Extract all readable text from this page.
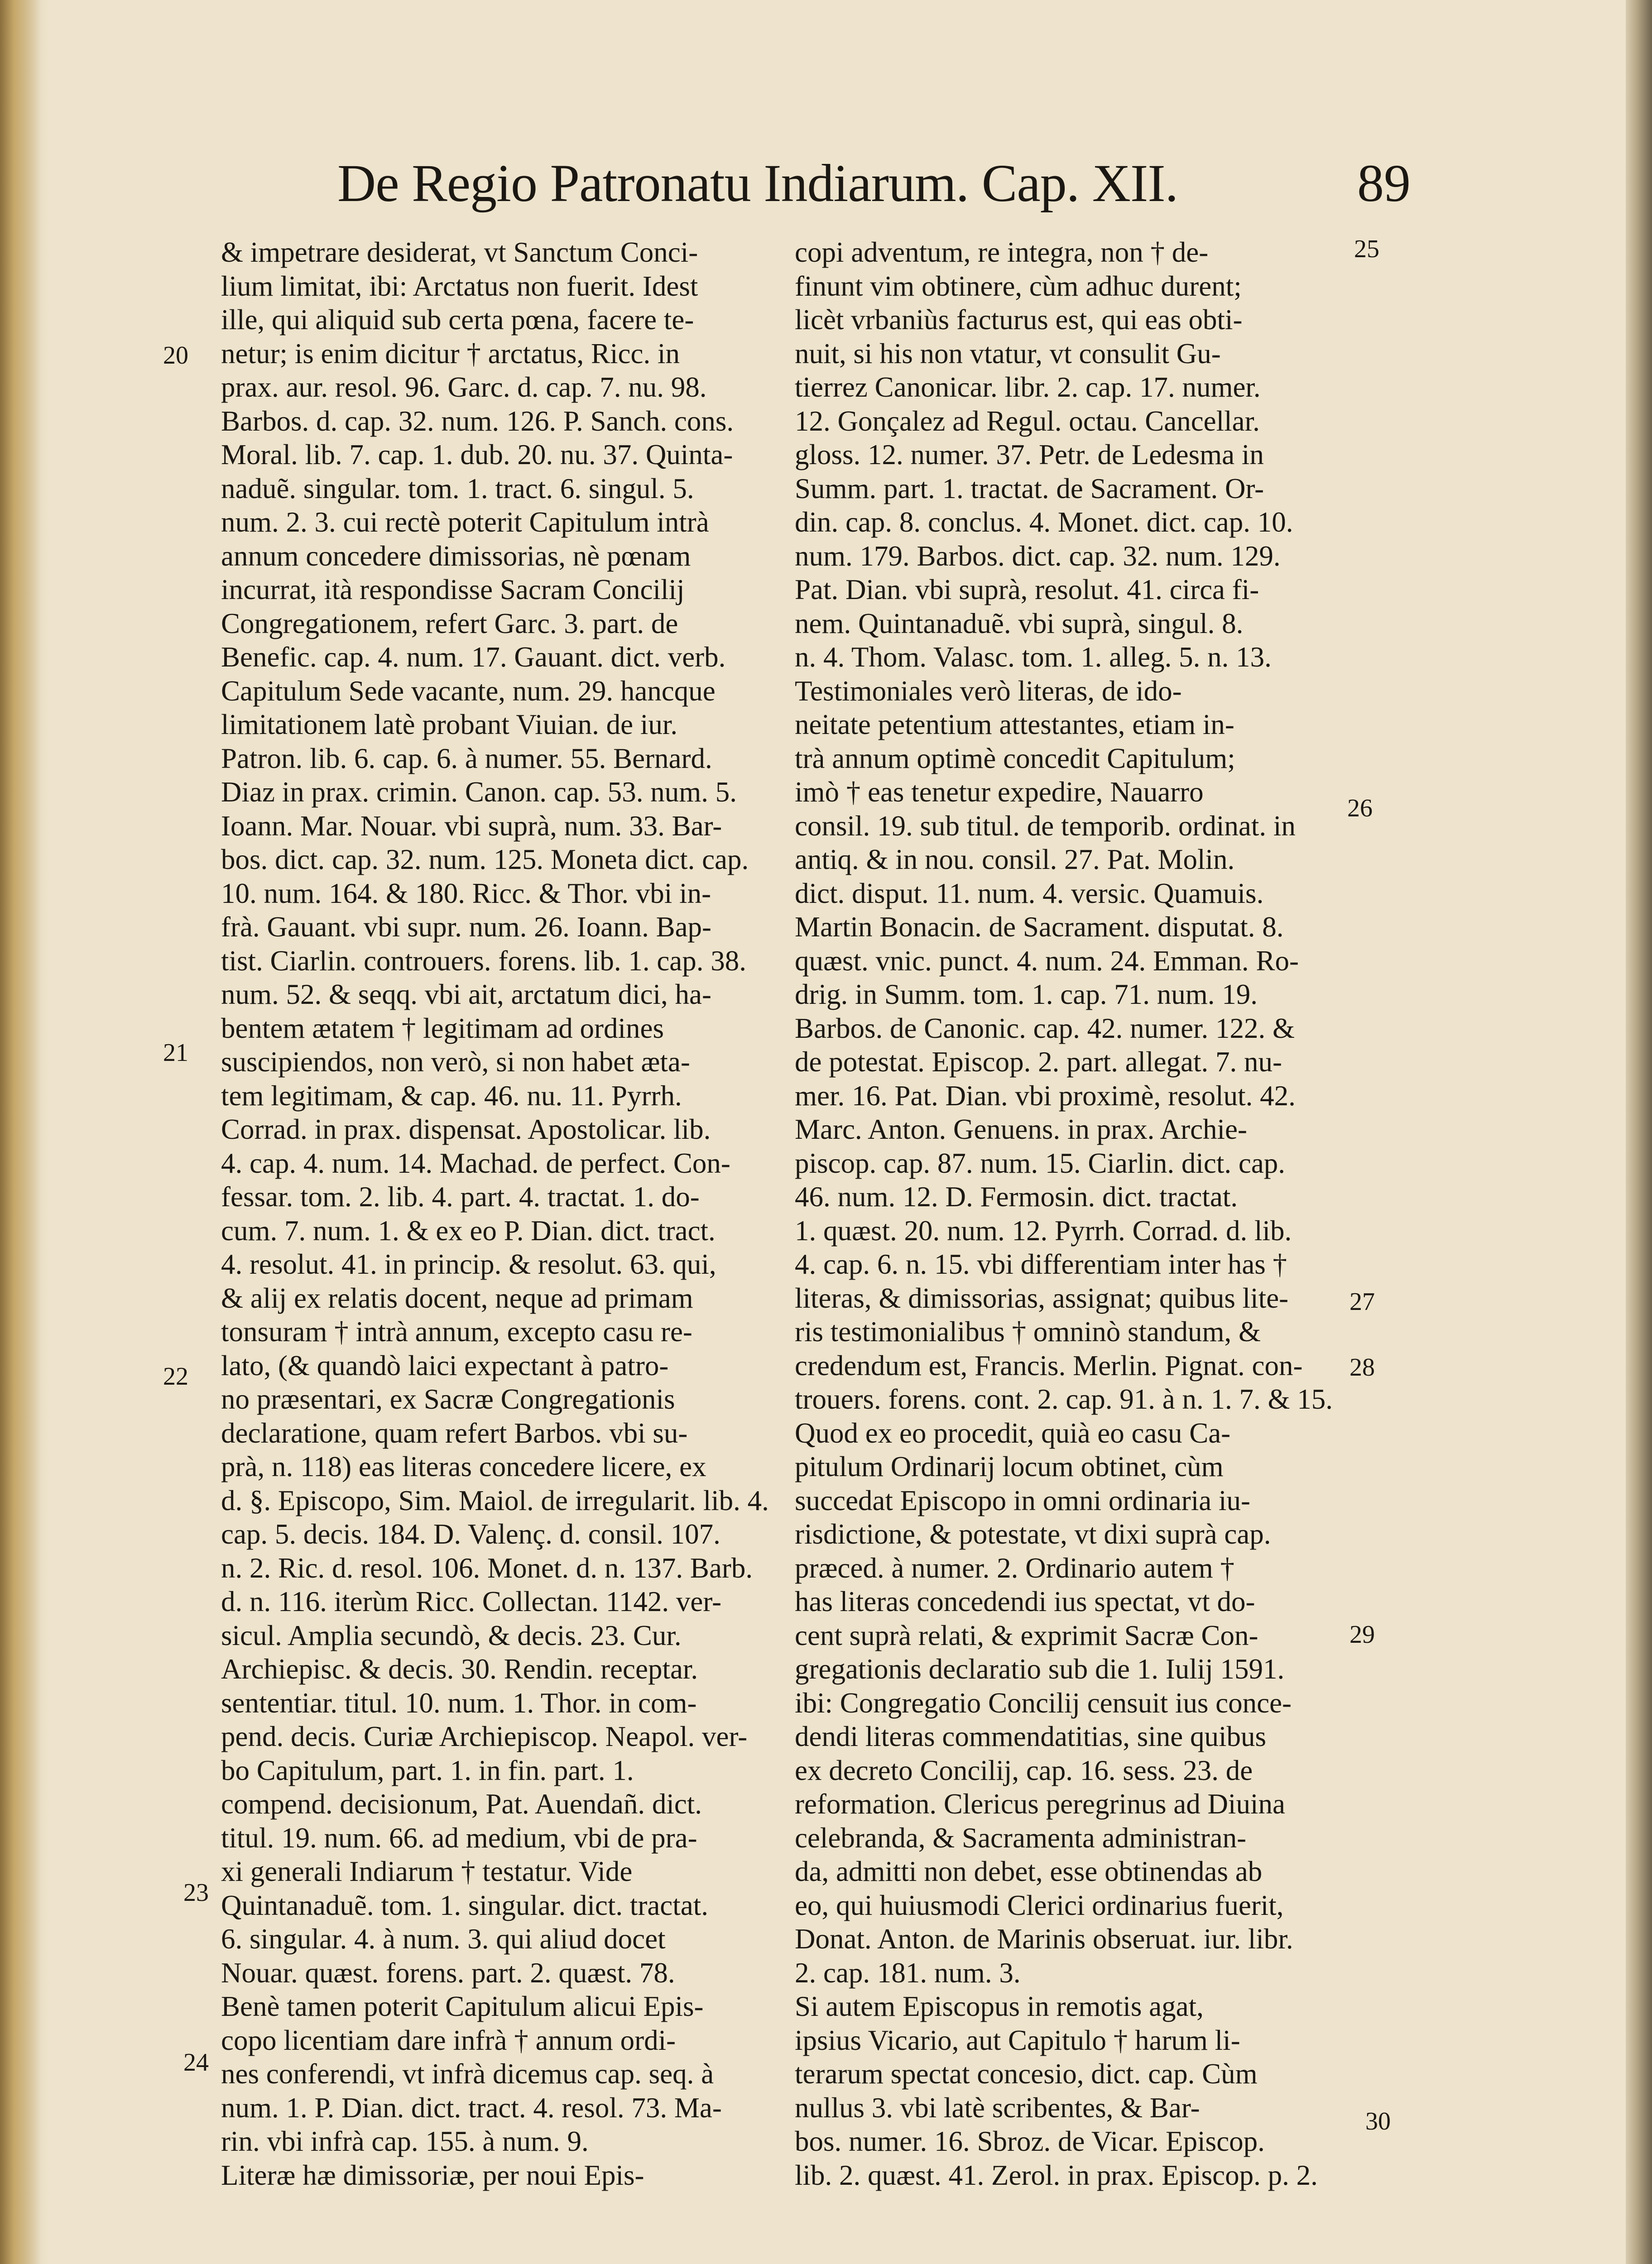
De Regio Patronatu Indiarum. Cap. XII.	89
& impetrare desiderat, vt Sanctum Conci-
lium limitat, ibi: Arctatus non fuerit. Idest
ille, qui aliquid sub certa pœna, facere te-
netur; is enim dicitur † arctatus, Ricc. in
prax. aur. resol. 96. Garc. d. cap. 7. nu. 98.
Barbos. d. cap. 32. num. 126. P. Sanch. cons.
Moral. lib. 7. cap. 1. dub. 20. nu. 37. Quinta-
naduẽ. singular. tom. 1. tract. 6. singul. 5.
num. 2. 3. cui rectè poterit Capitulum intrà
annum concedere dimissorias, nè pœnam
incurrat, ità respondisse Sacram Concilij
Congregationem, refert Garc. 3. part. de
Benefic. cap. 4. num. 17. Gauant. dict. verb.
Capitulum Sede vacante, num. 29. hancque
limitationem latè probant Viuian. de iur.
Patron. lib. 6. cap. 6. à numer. 55. Bernard.
Diaz in prax. crimin. Canon. cap. 53. num. 5.
Ioann. Mar. Nouar. vbi suprà, num. 33. Bar-
bos. dict. cap. 32. num. 125. Moneta dict. cap.
10. num. 164. & 180. Ricc. & Thor. vbi in-
frà. Gauant. vbi supr. num. 26. Ioann. Bap-
tist. Ciarlin. controuers. forens. lib. 1. cap. 38.
num. 52. & seqq. vbi ait, arctatum dici, ha-
bentem ætatem † legitimam ad ordines
suscipiendos, non verò, si non habet æta-
tem legitimam, & cap. 46. nu. 11. Pyrrh.
Corrad. in prax. dispensat. Apostolicar. lib.
4. cap. 4. num. 14. Machad. de perfect. Con-
fessar. tom. 2. lib. 4. part. 4. tractat. 1. do-
cum. 7. num. 1. & ex eo P. Dian. dict. tract.
4. resolut. 41. in princip. & resolut. 63. qui,
& alij ex relatis docent, neque ad primam
tonsuram † intrà annum, excepto casu re-
lato, (& quandò laici expectant à patro-
no præsentari, ex Sacræ Congregationis
declaratione, quam refert Barbos. vbi su-
prà, n. 118) eas literas concedere licere, ex
d. §. Episcopo, Sim. Maiol. de irregularit. lib. 4.
cap. 5. decis. 184. D. Valenç. d. consil. 107.
n. 2. Ric. d. resol. 106. Monet. d. n. 137. Barb.
d. n. 116. iterùm Ricc. Collectan. 1142. ver-
sicul. Amplia secundò, & decis. 23. Cur.
Archiepisc. & decis. 30. Rendin. receptar.
sententiar. titul. 10. num. 1. Thor. in com-
pend. decis. Curiæ Archiepiscop. Neapol. ver-
bo Capitulum, part. 1. in fin. part. 1.
compend. decisionum, Pat. Auendañ. dict.
titul. 19. num. 66. ad medium, vbi de pra-
xi generali Indiarum † testatur. Vide
Quintanaduẽ. tom. 1. singular. dict. tractat.
6. singular. 4. à num. 3. qui aliud docet
Nouar. quæst. forens. part. 2. quæst. 78.
Benè tamen poterit Capitulum alicui Epis-
copo licentiam dare infrà † annum ordi-
nes conferendi, vt infrà dicemus cap. seq. à
num. 1. P. Dian. dict. tract. 4. resol. 73. Ma-
rin. vbi infrà cap. 155. à num. 9.
Literæ hæ dimissoriæ, per noui Epis-
copi adventum, re integra, non † de-
finunt vim obtinere, cùm adhuc durent;
licèt vrbaniùs facturus est, qui eas obti-
nuit, si his non vtatur, vt consulit Gu-
tierrez Canonicar. libr. 2. cap. 17. numer.
12. Gonçalez ad Regul. octau. Cancellar.
gloss. 12. numer. 37. Petr. de Ledesma in
Summ. part. 1. tractat. de Sacrament. Or-
din. cap. 8. conclus. 4. Monet. dict. cap. 10.
num. 179. Barbos. dict. cap. 32. num. 129.
Pat. Dian. vbi suprà, resolut. 41. circa fi-
nem. Quintanaduẽ. vbi suprà, singul. 8.
n. 4. Thom. Valasc. tom. 1. alleg. 5. n. 13.
Testimoniales verò literas, de ido-
neitate petentium attestantes, etiam in-
trà annum optimè concedit Capitulum;
imò † eas tenetur expedire, Nauarro
consil. 19. sub titul. de temporib. ordinat. in
antiq. & in nou. consil. 27. Pat. Molin.
dict. disput. 11. num. 4. versic. Quamuis.
Martin Bonacin. de Sacrament. disputat. 8.
quæst. vnic. punct. 4. num. 24. Emman. Ro-
drig. in Summ. tom. 1. cap. 71. num. 19.
Barbos. de Canonic. cap. 42. numer. 122. &
de potestat. Episcop. 2. part. allegat. 7. nu-
mer. 16. Pat. Dian. vbi proximè, resolut. 42.
Marc. Anton. Genuens. in prax. Archie-
piscop. cap. 87. num. 15. Ciarlin. dict. cap.
46. num. 12. D. Fermosin. dict. tractat.
1. quæst. 20. num. 12. Pyrrh. Corrad. d. lib.
4. cap. 6. n. 15. vbi differentiam inter has †
literas, & dimissorias, assignat; quibus lite-
ris testimonialibus † omninò standum, &
credendum est, Francis. Merlin. Pignat. con-
trouers. forens. cont. 2. cap. 91. à n. 1. 7. & 15.
Quod ex eo procedit, quià eo casu Ca-
pitulum Ordinarij locum obtinet, cùm
succedat Episcopo in omni ordinaria iu-
risdictione, & potestate, vt dixi suprà cap.
præced. à numer. 2. Ordinario autem †
has literas concedendi ius spectat, vt do-
cent suprà relati, & exprimit Sacræ Con-
gregationis declaratio sub die 1. Iulij 1591.
ibi: Congregatio Concilij censuit ius conce-
dendi literas commendatitias, sine quibus
ex decreto Concilij, cap. 16. sess. 23. de
reformation. Clericus peregrinus ad Diuina
celebranda, & Sacramenta administran-
da, admitti non debet, esse obtinendas ab
eo, qui huiusmodi Clerici ordinarius fuerit,
Donat. Anton. de Marinis obseruat. iur. libr.
2. cap. 181. num. 3.
Si autem Episcopus in remotis agat,
ipsius Vicario, aut Capitulo † harum li-
terarum spectat concesio, dict. cap. Cùm
nullus 3. vbi latè scribentes, & Bar-
bos. numer. 16. Sbroz. de Vicar. Episcop.
lib. 2. quæst. 41. Zerol. in prax. Episcop. p. 2.
20
21
22
23
24
25
26
27
28
29
30
